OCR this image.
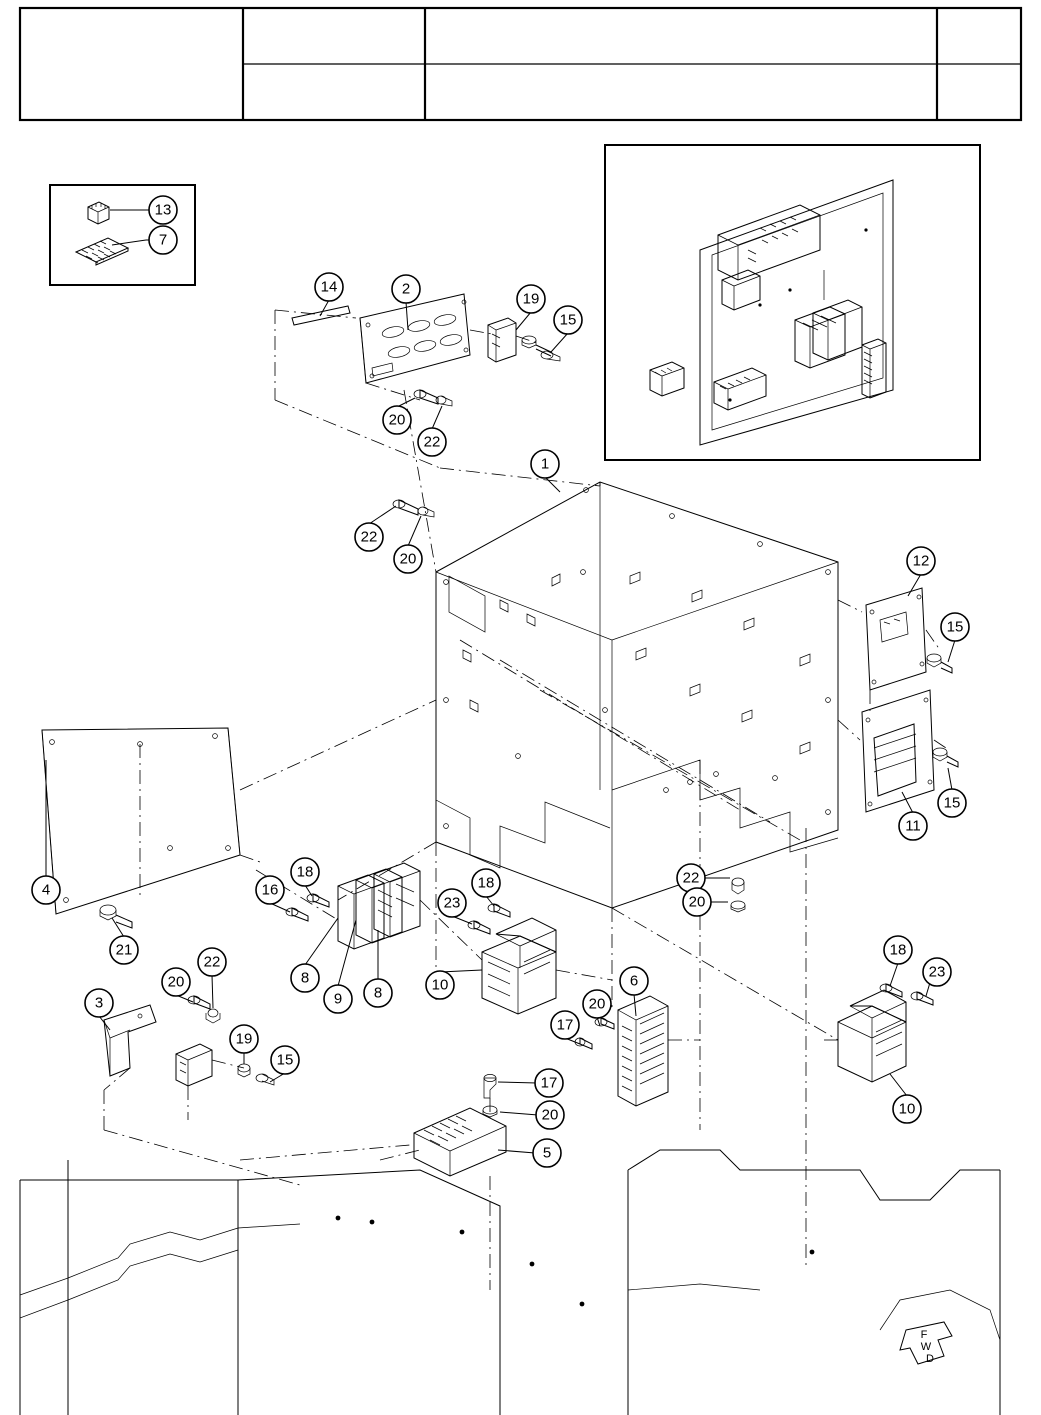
13
7
14	2
19
15
20
22
1
22
20	12
15
15
11
4
18
16	18
23
22
20
21
8
9 8	10	6
18
23
20
22
3
17
20
19
15
17
20	10
5
F
W
D
